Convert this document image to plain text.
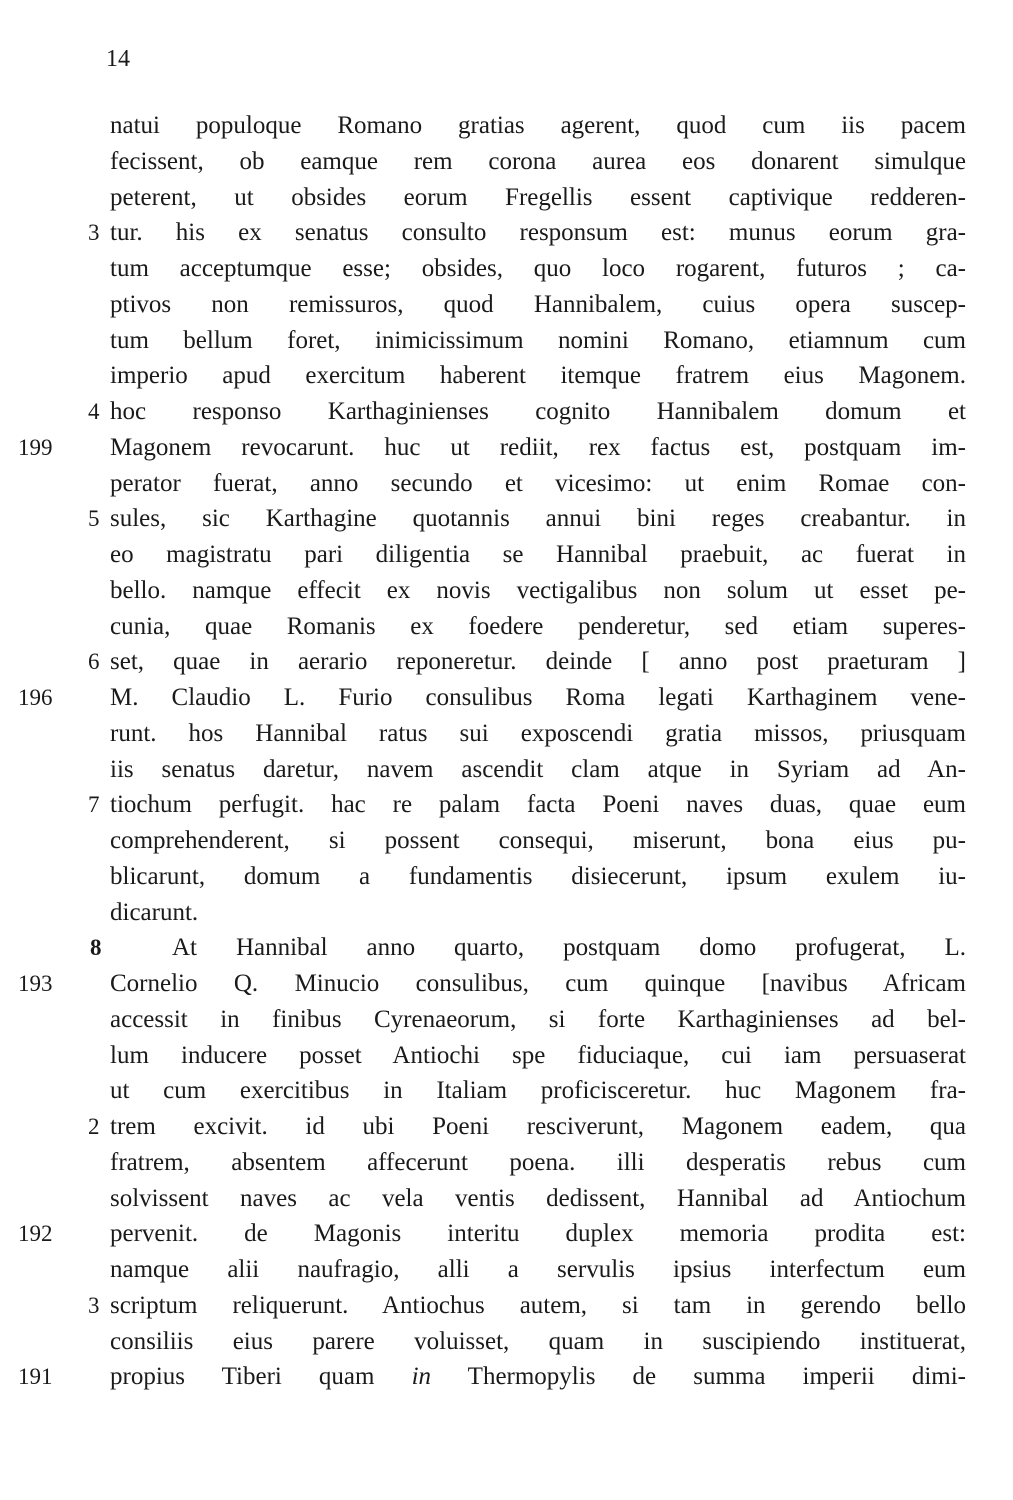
14
natui populoque Romano gratias agerent, quod cum iis pacem
fecissent, ob eamque rem corona aurea eos donarent simulque
peterent, ut obsides eorum Fregellis essent captivique redderen-
3 tur. his ex senatus consulto responsum est: munus eorum gra-
tum acceptumque esse; obsides, quo loco rogarent, futuros ; ca-
ptivos non remissuros, quod Hannibalem, cuius opera suscep-
tum bellum foret, inimicissimum nomini Romano, etiamnum cum
imperio apud exercitum haberent itemque fratrem eius Magonem.
4 hoc responso Karthaginienses cognito Hannibalem domum et
199 Magonem revocarunt. huc ut rediit, rex factus est, postquam im-
perator fuerat, anno secundo et vicesimo: ut enim Romae con-
5 sules, sic Karthagine quotannis annui bini reges creabantur. in
eo magistratu pari diligentia se Hannibal praebuit, ac fuerat in
bello. namque effecit ex novis vectigalibus non solum ut esset pe-
cunia, quae Romanis ex foedere penderetur, sed etiam superes-
6 set, quae in aerario reponeretur. deinde [ anno post praeturam ]
196 M. Claudio L. Furio consulibus Roma legati Karthaginem vene-
runt. hos Hannibal ratus sui exposcendi gratia missos, priusquam
iis senatus daretur, navem ascendit clam atque in Syriam ad An-
7 tiochum perfugit. hac re palam facta Poeni naves duas, quae eum
comprehenderent, si possent consequi, miserunt, bona eius pu-
blicarunt, domum a fundamentis disiecerunt, ipsum exulem iu-
dicarunt.
8	At Hannibal anno quarto, postquam domo profugerat, L.
193 Cornelio Q. Minucio consulibus, cum quinque [navibus Africam
accessit in finibus Cyrenaeorum, si forte Karthaginienses ad bel-
lum inducere posset Antiochi spe fiduciaque, cui iam persuaserat
ut cum exercitibus in Italiam proficisceretur. huc Magonem fra-
2 trem excivit. id ubi Poeni resciverunt, Magonem eadem, qua
fratrem, absentem affecerunt poena. illi desperatis rebus cum
solvissent naves ac vela ventis dedissent, Hannibal ad Antiochum
192 pervenit. de Magonis interitu duplex memoria prodita est:
namque alii naufragio, alli a servulis ipsius interfectum eum
3 scriptum reliquerunt. Antiochus autem, si tam in gerendo bello
consiliis eius parere voluisset, quam in suscipiendo instituerat,
191 propius Tiberi quam in Thermopylis de summa imperii dimi-
